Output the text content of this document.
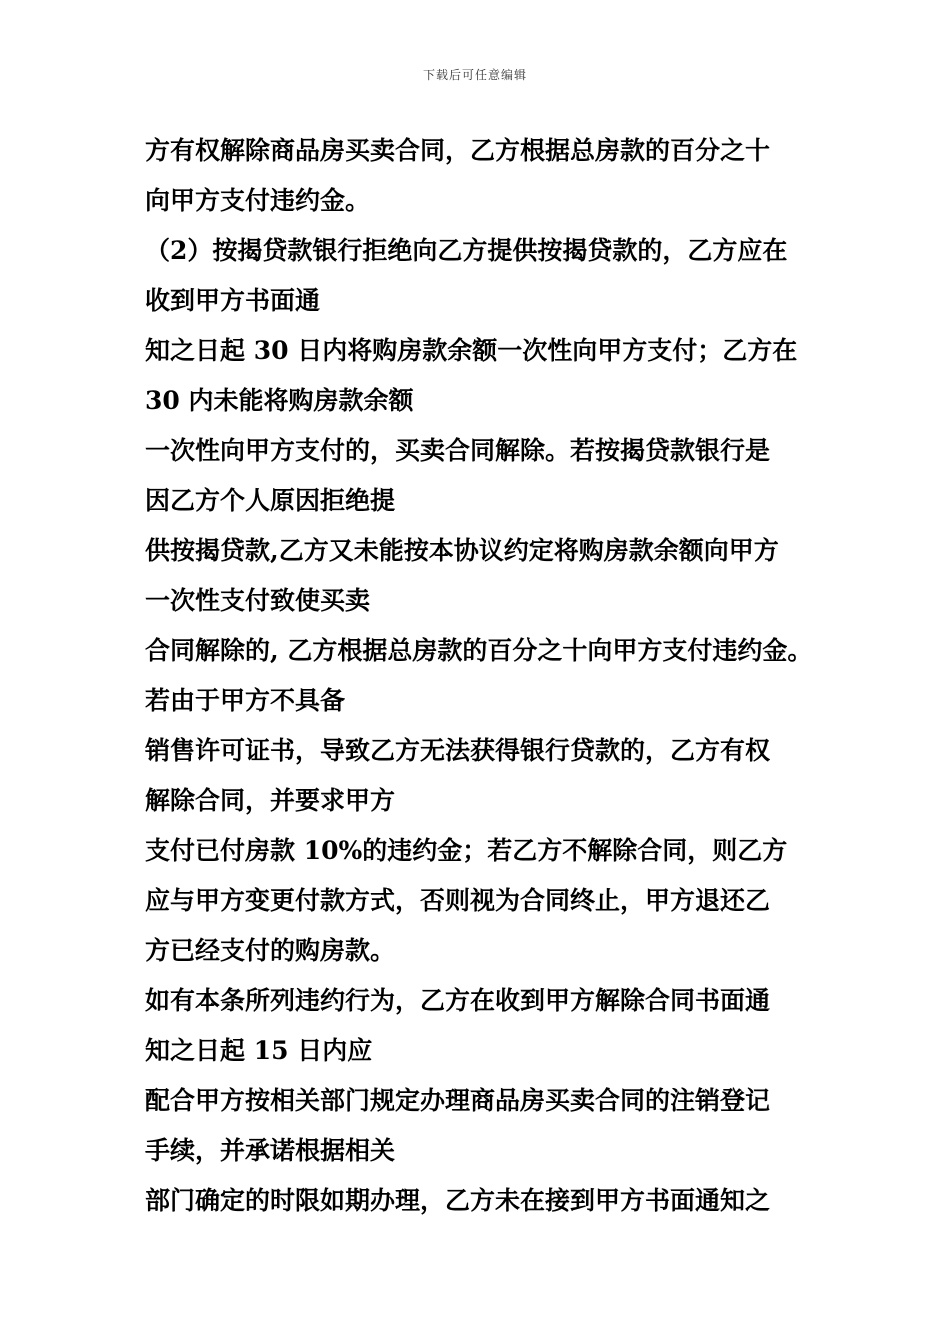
下载后可任意编辑
方有权解除商品房买卖合同，乙方根据总房款的百分之十
向甲方支付违约金。
（2）按揭贷款银行拒绝向乙方提供按揭贷款的，乙方应在
收到甲方书面通
知之日起 30 日内将购房款余额一次性向甲方支付；乙方在
30 内未能将购房款余额
一次性向甲方支付的，买卖合同解除。若按揭贷款银行是
因乙方个人原因拒绝提
供按揭贷款,乙方又未能按本协议约定将购房款余额向甲方
一次性支付致使买卖
合同解除的, 乙方根据总房款的百分之十向甲方支付违约金。
若由于甲方不具备
销售许可证书，导致乙方无法获得银行贷款的，乙方有权
解除合同，并要求甲方
支付已付房款 10%的违约金；若乙方不解除合同，则乙方
应与甲方变更付款方式，否则视为合同终止，甲方退还乙
方已经支付的购房款。
如有本条所列违约行为，乙方在收到甲方解除合同书面通
知之日起 15 日内应
配合甲方按相关部门规定办理商品房买卖合同的注销登记
手续，并承诺根据相关
部门确定的时限如期办理，乙方未在接到甲方书面通知之
